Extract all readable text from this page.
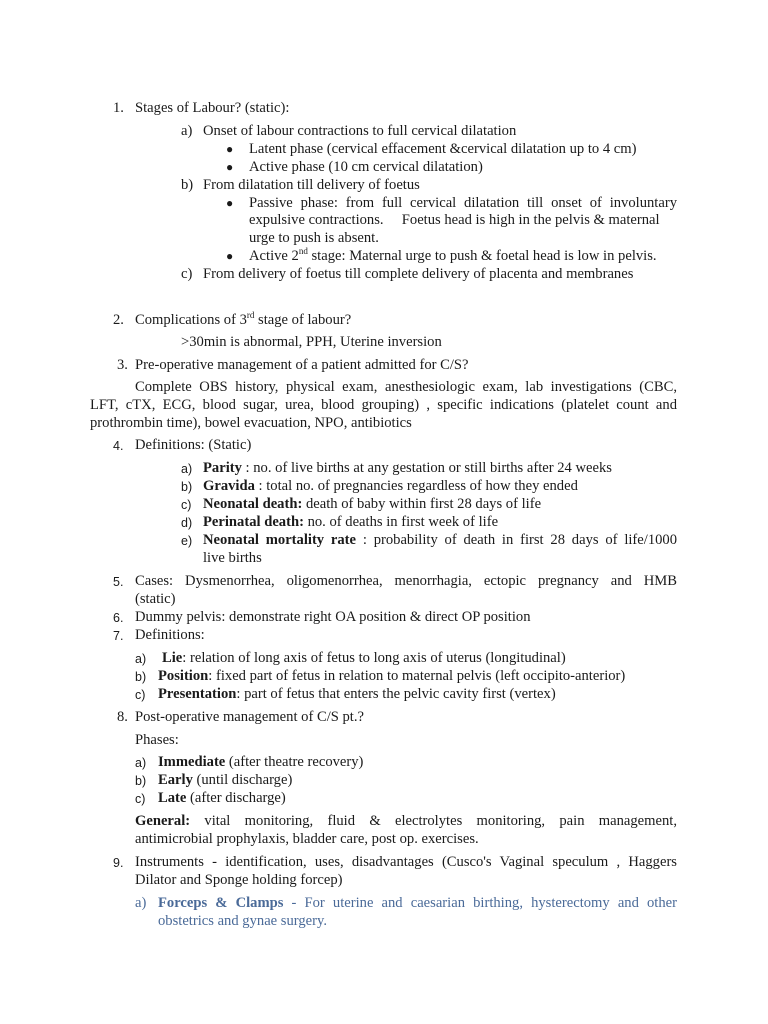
1. Stages of Labour? (static):
a) Onset of labour contractions to full cervical dilatation
● Latent phase (cervical effacement &cervical dilatation up to 4 cm)
● Active phase (10 cm cervical dilatation)
b) From dilatation till delivery of foetus
● Passive phase: from full cervical dilatation till onset of involuntary
expulsive contractions.     Foetus head is high in the pelvis & maternal
urge to push is absent.
● Active 2nd stage: Maternal urge to push & foetal head is low in pelvis.
c) From delivery of foetus till complete delivery of placenta and membranes
2. Complications of 3rd stage of labour?
>30min is abnormal, PPH, Uterine inversion
3. Pre-operative management of a patient admitted for C/S?
Complete OBS history, physical exam, anesthesiologic exam, lab investigations (CBC,
LFT, cTX, ECG, blood sugar, urea, blood grouping) , specific indications (platelet count and
prothrombin time), bowel evacuation, NPO, antibiotics
4. Definitions: (Static)
a) Parity : no. of live births at any gestation or still births after 24 weeks
b) Gravida : total no. of pregnancies regardless of how they ended
c) Neonatal death: death of baby within first 28 days of life
d) Perinatal death: no. of deaths in first week of life
e) Neonatal mortality rate : probability of death in first 28 days of life/1000
live births
5. Cases: Dysmenorrhea, oligomenorrhea, menorrhagia, ectopic pregnancy and HMB
(static)
6. Dummy pelvis: demonstrate right OA position & direct OP position
7. Definitions:
a) Lie: relation of long axis of fetus to long axis of uterus (longitudinal)
b) Position: fixed part of fetus in relation to maternal pelvis (left occipito-anterior)
c) Presentation: part of fetus that enters the pelvic cavity first (vertex)
8. Post-operative management of C/S pt.?
Phases:
a) Immediate (after theatre recovery)
b) Early (until discharge)
c) Late (after discharge)
General: vital monitoring, fluid & electrolytes monitoring, pain management,
antimicrobial prophylaxis, bladder care, post op. exercises.
9. Instruments - identification, uses, disadvantages (Cusco's Vaginal speculum , Haggers
Dilator and Sponge holding forcep)
a) Forceps & Clamps - For uterine and caesarian birthing, hysterectomy and other
obstetrics and gynae surgery.
